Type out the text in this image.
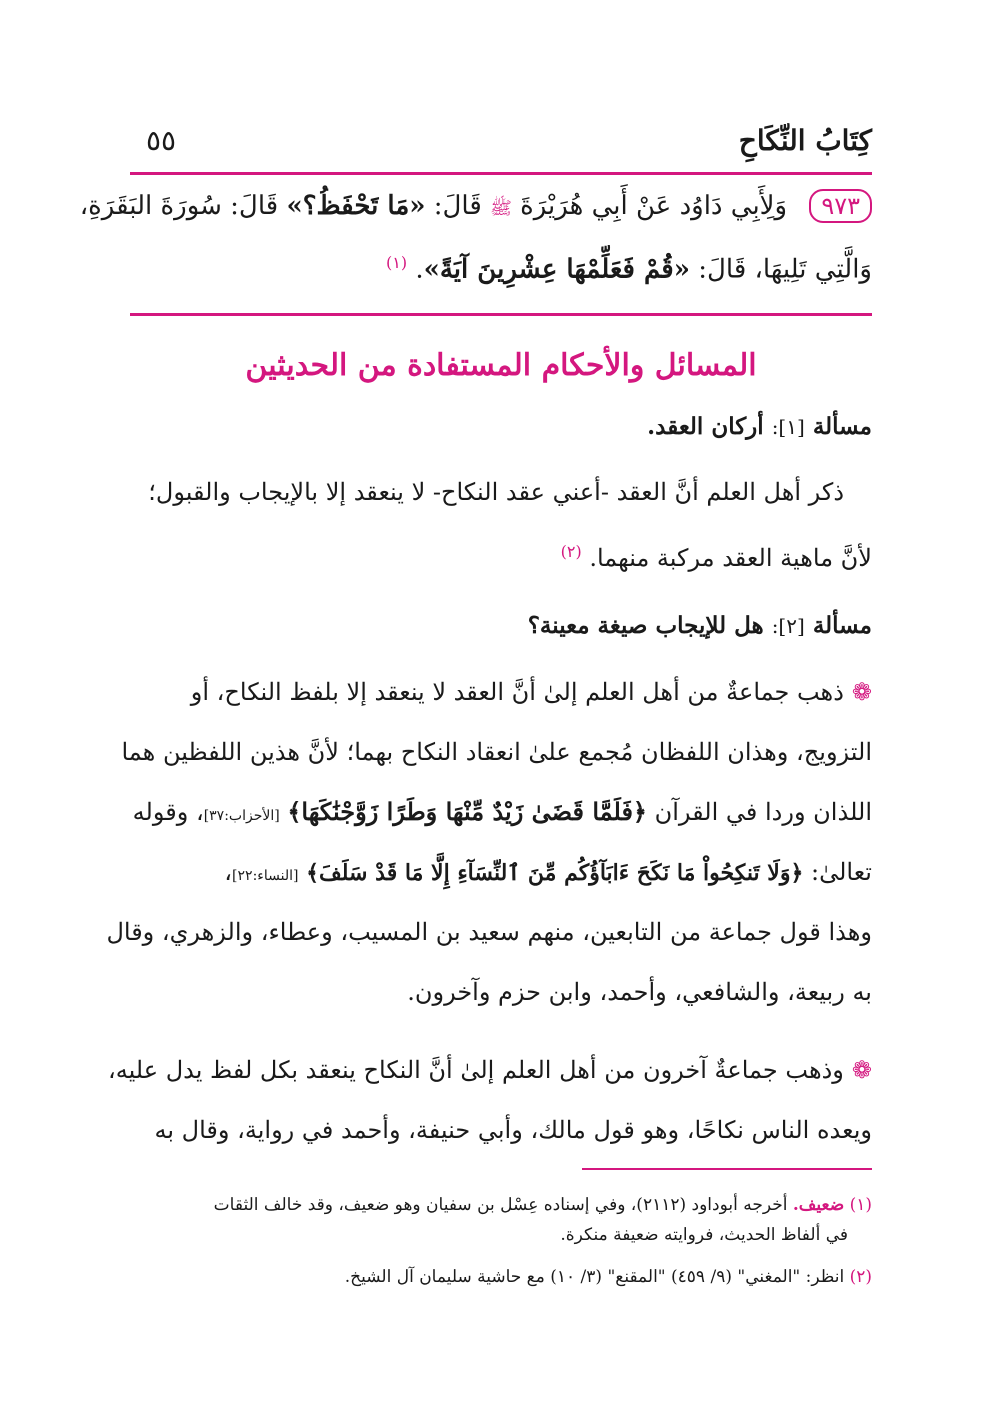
كِتَابُ النِّكَاحِ
٥٥
٩٧٣ وَلِأَبِي دَاوُد عَنْ أَبِي هُرَيْرَةَ ﷺ قَالَ: «مَا تَحْفَظُ؟» قَالَ: سُورَةَ البَقَرَةِ،
وَالَّتِي تَلِيهَا، قَالَ: «قُمْ فَعَلِّمْهَا عِشْرِينَ آيَةً». $^{(١)}$
المسائل والأحكام المستفادة من الحديثين
مسألة [١]: أركان العقد.
ذكر أهل العلم أنَّ العقد -أعني عقد النكاح- لا ينعقد إلا بالإيجاب والقبول؛
لأنَّ ماهية العقد مركبة منهما. $^{(٢)}$
مسألة [٢]: هل للإيجاب صيغة معينة؟
❁ذهب جماعةٌ من أهل العلم إلىٰ أنَّ العقد لا ينعقد إلا بلفظ النكاح، أو
التزويج، وهذان اللفظان مُجمع علىٰ انعقاد النكاح بهما؛ لأنَّ هذين اللفظين هما
اللذان وردا في القرآن ﴿فَلَمَّا قَضَىٰ زَيْدٌ مِّنْهَا وَطَرًا زَوَّجْنَٰكَهَا﴾ [الأحزاب:٣٧]، وقوله
تعالىٰ: ﴿وَلَا تَنكِحُواْ مَا نَكَحَ ءَابَآؤُكُم مِّنَ ٱلنِّسَآءِ إِلَّا مَا قَدْ سَلَفَ﴾ [النساء:٢٢]،
وهذا قول جماعة من التابعين، منهم سعيد بن المسيب، وعطاء، والزهري، وقال
به ربيعة، والشافعي، وأحمد، وابن حزم وآخرون.
❁وذهب جماعةٌ آخرون من أهل العلم إلىٰ أنَّ النكاح ينعقد بكل لفظ يدل عليه،
ويعده الناس نكاحًا، وهو قول مالك، وأبي حنيفة، وأحمد في رواية، وقال به
(١) ضعيف. أخرجه أبوداود (٢١١٢)، وفي إسناده عِسْل بن سفيان وهو ضعيف، وقد خالف الثقات
في ألفاظ الحديث، فروايته ضعيفة منكرة.
(٢) انظر: "المغني" (٩/ ٤٥٩) "المقنع" (٣/ ١٠) مع حاشية سليمان آل الشيخ.
